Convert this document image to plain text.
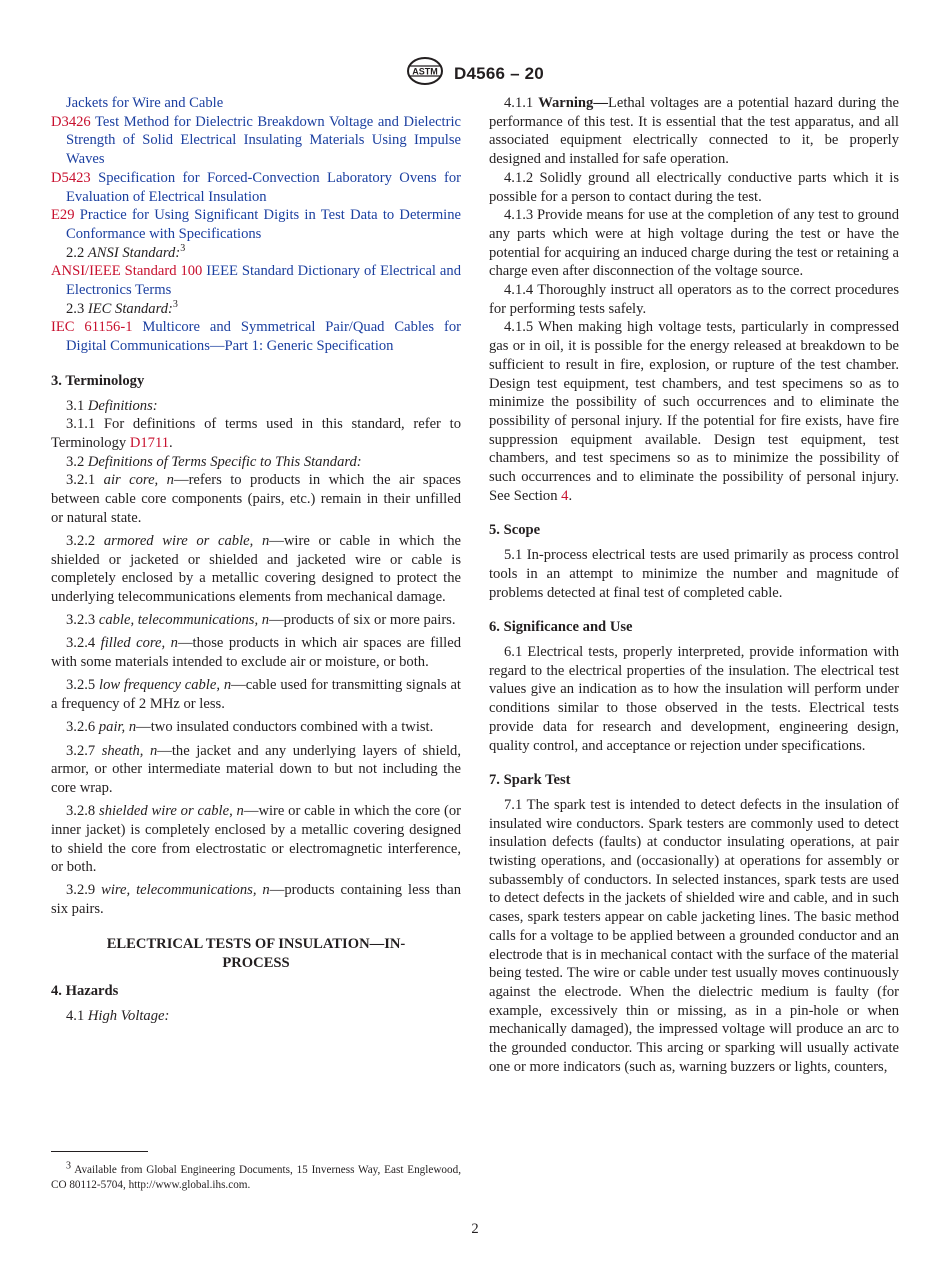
ASTM D4566 – 20

Jackets for Wire and Cable

D3426 Test Method for Dielectric Breakdown Voltage and Dielectric Strength of Solid Electrical Insulating Materials Using Impulse Waves

D5423 Specification for Forced-Convection Laboratory Ovens for Evaluation of Electrical Insulation

E29 Practice for Using Significant Digits in Test Data to Determine Conformance with Specifications

2.2 ANSI Standard:$^3$

ANSI/IEEE Standard 100 IEEE Standard Dictionary of Electrical and Electronics Terms

2.3 IEC Standard:$^3$

IEC 61156-1 Multicore and Symmetrical Pair/Quad Cables for Digital Communications—Part 1: Generic Specification

3. Terminology

3.1 Definitions:

3.1.1 For definitions of terms used in this standard, refer to Terminology D1711.

3.2 Definitions of Terms Specific to This Standard:

3.2.1 air core, n—refers to products in which the air spaces between cable core components (pairs, etc.) remain in their unfilled or natural state.

3.2.2 armored wire or cable, n—wire or cable in which the shielded or jacketed or shielded and jacketed wire or cable is completely enclosed by a metallic covering designed to protect the underlying telecommunications elements from mechanical damage.

3.2.3 cable, telecommunications, n—products of six or more pairs.

3.2.4 filled core, n—those products in which air spaces are filled with some materials intended to exclude air or moisture, or both.

3.2.5 low frequency cable, n—cable used for transmitting signals at a frequency of 2 MHz or less.

3.2.6 pair, n—two insulated conductors combined with a twist.

3.2.7 sheath, n—the jacket and any underlying layers of shield, armor, or other intermediate material down to but not including the core wrap.

3.2.8 shielded wire or cable, n—wire or cable in which the core (or inner jacket) is completely enclosed by a metallic covering designed to shield the core from electrostatic or electromagnetic interference, or both.

3.2.9 wire, telecommunications, n—products containing less than six pairs.

ELECTRICAL TESTS OF INSULATION—IN-
PROCESS

4. Hazards

4.1 High Voltage:

$^3$ Available from Global Engineering Documents, 15 Inverness Way, East Englewood, CO 80112-5704, http://www.global.ihs.com.

4.1.1 Warning—Lethal voltages are a potential hazard during the performance of this test. It is essential that the test apparatus, and all associated equipment electrically connected to it, be properly designed and installed for safe operation.

4.1.2 Solidly ground all electrically conductive parts which it is possible for a person to contact during the test.

4.1.3 Provide means for use at the completion of any test to ground any parts which were at high voltage during the test or have the potential for acquiring an induced charge during the test or retaining a charge even after disconnection of the voltage source.

4.1.4 Thoroughly instruct all operators as to the correct procedures for performing tests safely.

4.1.5 When making high voltage tests, particularly in compressed gas or in oil, it is possible for the energy released at breakdown to be sufficient to result in fire, explosion, or rupture of the test chamber. Design test equipment, test chambers, and test specimens so as to minimize the possibility of such occurrences and to eliminate the possibility of personal injury. If the potential for fire exists, have fire suppression equipment available. Design test equipment, test chambers, and test specimens so as to minimize the possibility of such occurrences and to eliminate the possibility of personal injury. See Section 4.

5. Scope

5.1 In-process electrical tests are used primarily as process control tools in an attempt to minimize the number and magnitude of problems detected at final test of completed cable.

6. Significance and Use

6.1 Electrical tests, properly interpreted, provide information with regard to the electrical properties of the insulation. The electrical test values give an indication as to how the insulation will perform under conditions similar to those observed in the tests. Electrical tests provide data for research and development, engineering design, quality control, and acceptance or rejection under specifications.

7. Spark Test

7.1 The spark test is intended to detect defects in the insulation of insulated wire conductors. Spark testers are commonly used to detect insulation defects (faults) at conductor insulating operations, at pair twisting operations, and (occasionally) at operations for assembly or subassembly of conductors. In selected instances, spark tests are used to detect defects in the jackets of shielded wire and cable, and in such cases, spark testers appear on cable jacketing lines. The basic method calls for a voltage to be applied between a grounded conductor and an electrode that is in mechanical contact with the surface of the material being tested. The wire or cable under test usually moves continuously against the electrode. When the dielectric medium is faulty (for example, excessively thin or missing, as in a pin-hole or when mechanically damaged), the impressed voltage will produce an arc to the grounded conductor. This arcing or sparking will usually activate one or more indicators (such as, warning buzzers or lights, counters,

2
